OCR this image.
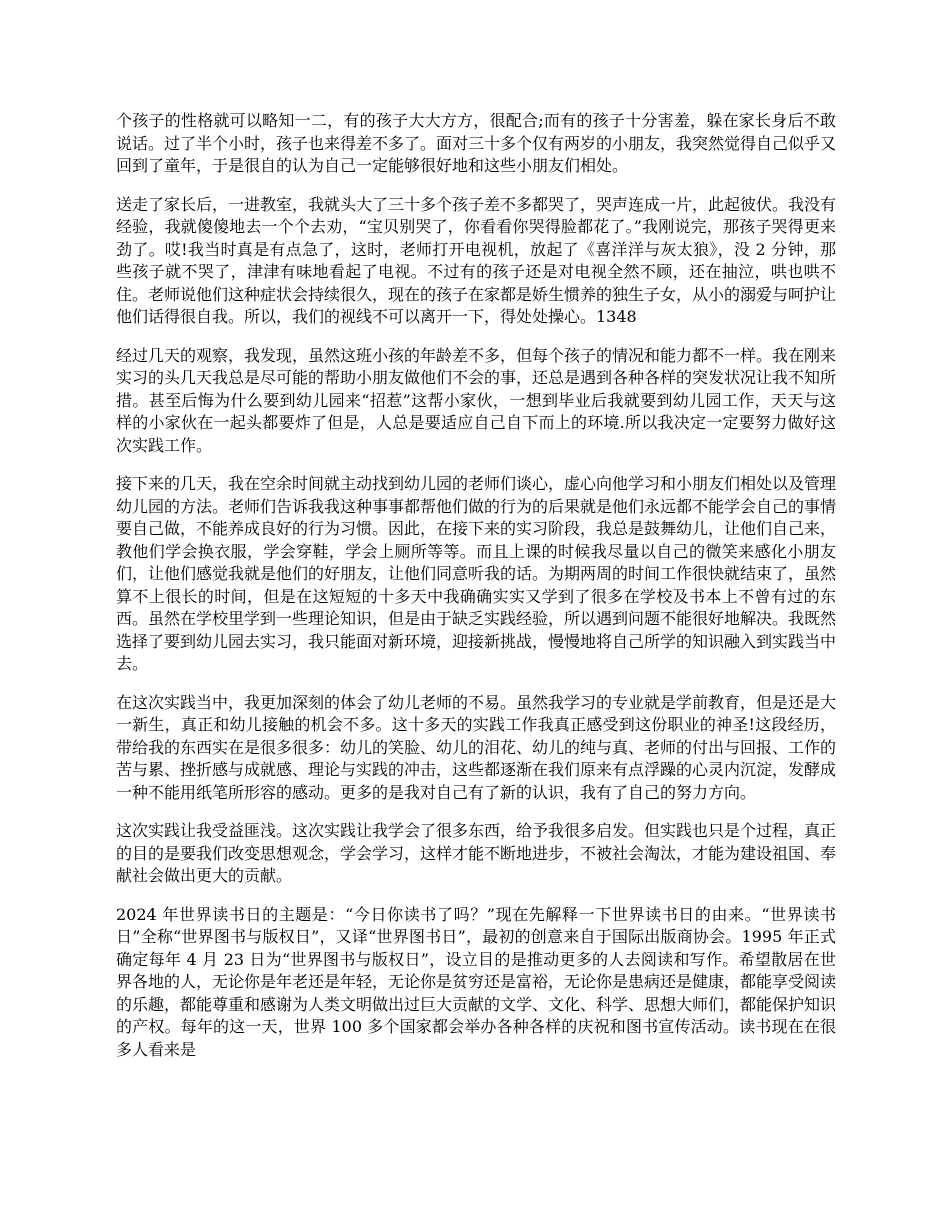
个孩子的性格就可以略知一二，有的孩子大大方方，很配合;而有的孩子十分害羞，躲在家长身后不敢说话。过了半个小时，孩子也来得差不多了。面对三十多个仅有两岁的小朋友，我突然觉得自己似乎又回到了童年，于是很自的认为自己一定能够很好地和这些小朋友们相处。

送走了家长后，一进教室，我就头大了三十多个孩子差不多都哭了，哭声连成一片，此起彼伏。我没有经验，我就傻傻地去一个个去劝，“宝贝别哭了，你看看你哭得脸都花了。”我刚说完，那孩子哭得更来劲了。哎!我当时真是有点急了，这时，老师打开电视机，放起了《喜洋洋与灰太狼》，没 2 分钟，那些孩子就不哭了，津津有味地看起了电视。不过有的孩子还是对电视全然不顾，还在抽泣，哄也哄不住。老师说他们这种症状会持续很久，现在的孩子在家都是娇生惯养的独生子女，从小的溺爱与呵护让他们话得很自我。所以，我们的视线不可以离开一下，得处处操心。1348

经过几天的观察，我发现，虽然这班小孩的年龄差不多，但每个孩子的情况和能力都不一样。我在刚来实习的头几天我总是尽可能的帮助小朋友做他们不会的事，还总是遇到各种各样的突发状况让我不知所措。甚至后悔为什么要到幼儿园来“招惹”这帮小家伙，一想到毕业后我就要到幼儿园工作，天天与这样的小家伙在一起头都要炸了但是，人总是要适应自己自下而上的环境.所以我决定一定要努力做好这次实践工作。

接下来的几天，我在空余时间就主动找到幼儿园的老师们谈心，虚心向他学习和小朋友们相处以及管理幼儿园的方法。老师们告诉我我这种事事都帮他们做的行为的后果就是他们永远都不能学会自己的事情要自己做，不能养成良好的行为习惯。因此，在接下来的实习阶段，我总是鼓舞幼儿，让他们自己来，教他们学会换衣服，学会穿鞋，学会上厕所等等。而且上课的时候我尽量以自己的微笑来感化小朋友们，让他们感觉我就是他们的好朋友，让他们同意听我的话。为期两周的时间工作很快就结束了，虽然算不上很长的时间，但是在这短短的十多天中我确确实实又学到了很多在学校及书本上不曾有过的东西。虽然在学校里学到一些理论知识，但是由于缺乏实践经验，所以遇到问题不能很好地解决。我既然选择了要到幼儿园去实习，我只能面对新环境，迎接新挑战，慢慢地将自己所学的知识融入到实践当中去。

在这次实践当中，我更加深刻的体会了幼儿老师的不易。虽然我学习的专业就是学前教育，但是还是大一新生，真正和幼儿接触的机会不多。这十多天的实践工作我真正感受到这份职业的神圣!这段经历，带给我的东西实在是很多很多：幼儿的笑脸、幼儿的泪花、幼儿的纯与真、老师的付出与回报、工作的苦与累、挫折感与成就感、理论与实践的冲击，这些都逐渐在我们原来有点浮躁的心灵内沉淀，发酵成一种不能用纸笔所形容的感动。更多的是我对自己有了新的认识，我有了自己的努力方向。

这次实践让我受益匪浅。这次实践让我学会了很多东西，给予我很多启发。但实践也只是个过程，真正的目的是要我们改变思想观念，学会学习，这样才能不断地进步，不被社会淘汰，才能为建设祖国、奉献社会做出更大的贡献。

2024 年世界读书日的主题是：“今日你读书了吗？”现在先解释一下世界读书日的由来。“世界读书日”全称“世界图书与版权日”，又译“世界图书日”，最初的创意来自于国际出版商协会。1995 年正式确定每年 4 月 23 日为“世界图书与版权日”，设立目的是推动更多的人去阅读和写作。希望散居在世界各地的人，无论你是年老还是年轻，无论你是贫穷还是富裕，无论你是患病还是健康，都能享受阅读的乐趣，都能尊重和感谢为人类文明做出过巨大贡献的文学、文化、科学、思想大师们，都能保护知识的产权。每年的这一天，世界 100 多个国家都会举办各种各样的庆祝和图书宣传活动。读书现在在很多人看来是
